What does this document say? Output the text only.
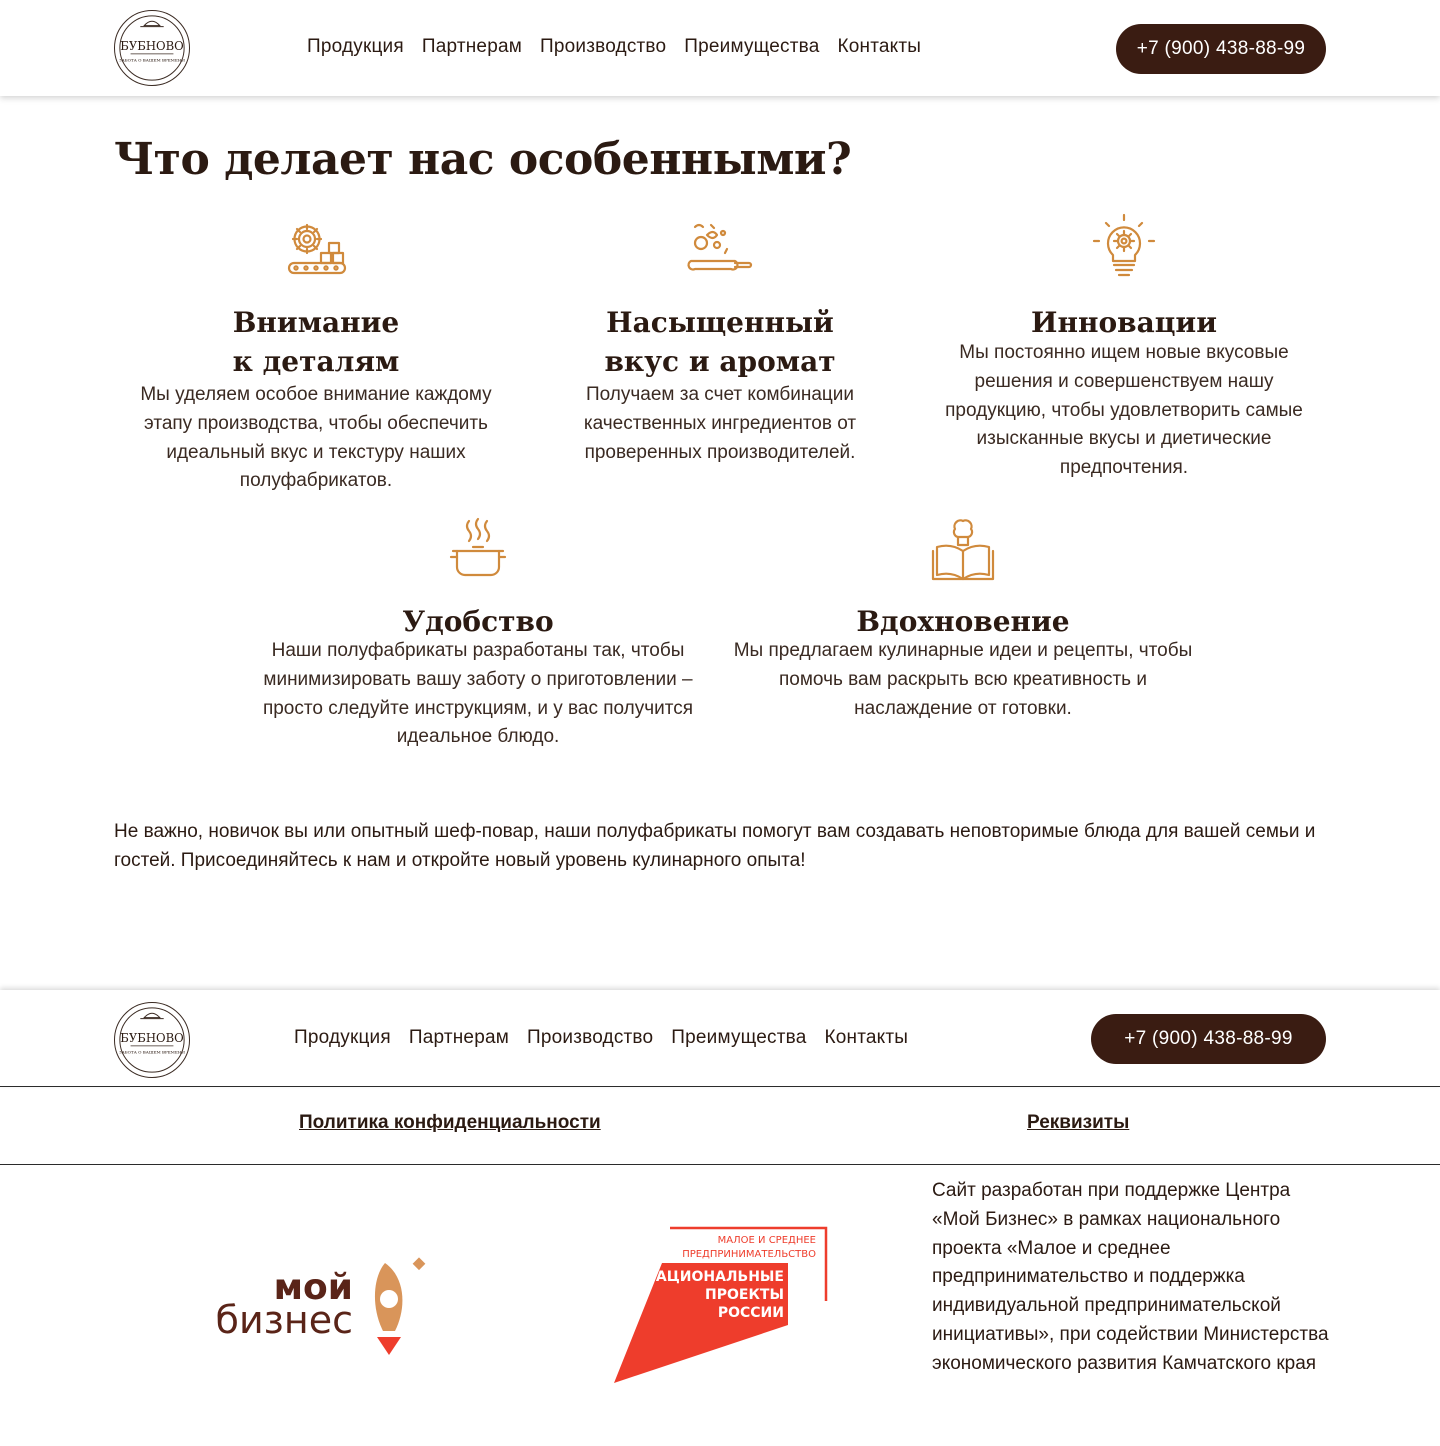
БУБНОВО
ЗАБОТА О ВАШЕМ ВРЕМЕНИ
Продукция Партнерам Производство Преимущества Контакты	+7 (900) 438-88-99
Что делает нас особенными?
Внимание
к деталям

Мы уделяем особое внимание каждому этапу производства, чтобы обеспечить идеальный вкус и текстуру наших полуфабрикатов.

Насыщенный
вкус и аромат

Получаем за счет комбинации качественных ингредиентов от проверенных производителей.

Инновации

Мы постоянно ищем новые вкусовые решения и совершенствуем нашу продукцию, чтобы удовлетворить самые изысканные вкусы и диетические предпочтения.

Удобство

Наши полуфабрикаты разработаны так, чтобы минимизировать вашу заботу о приготовлении – просто следуйте инструкциям, и у вас получится идеальное блюдо.

Вдохновение

Мы предлагаем кулинарные идеи и рецепты, чтобы помочь вам раскрыть всю креативность и наслаждение от готовки.

Не важно, новичок вы или опытный шеф-повар, наши полуфабрикаты помогут вам создавать неповторимые блюда для вашей семьи и гостей. Присоединяйтесь к нам и откройте новый уровень кулинарного опыта!

БУБНОВО
ЗАБОТА О ВАШЕМ ВРЕМЕНИ
Продукция Партнерам Производство Преимущества Контакты	+7 (900) 438-88-99
Политика конфиденциальности	Реквизиты
мой
бизнес
МАЛОЕ И СРЕДНЕЕ
ПРЕДПРИНИМАТЕЛЬСТВО
НАЦИОНАЛЬНЫЕ
ПРОЕКТЫ
РОССИИ

Сайт разработан при поддержке Центра «Мой Бизнес» в рамках национального проекта «Малое и среднее предпринимательство и поддержка индивидуальной предпринимательской инициативы», при содействии Министерства экономического развития Камчатского края
